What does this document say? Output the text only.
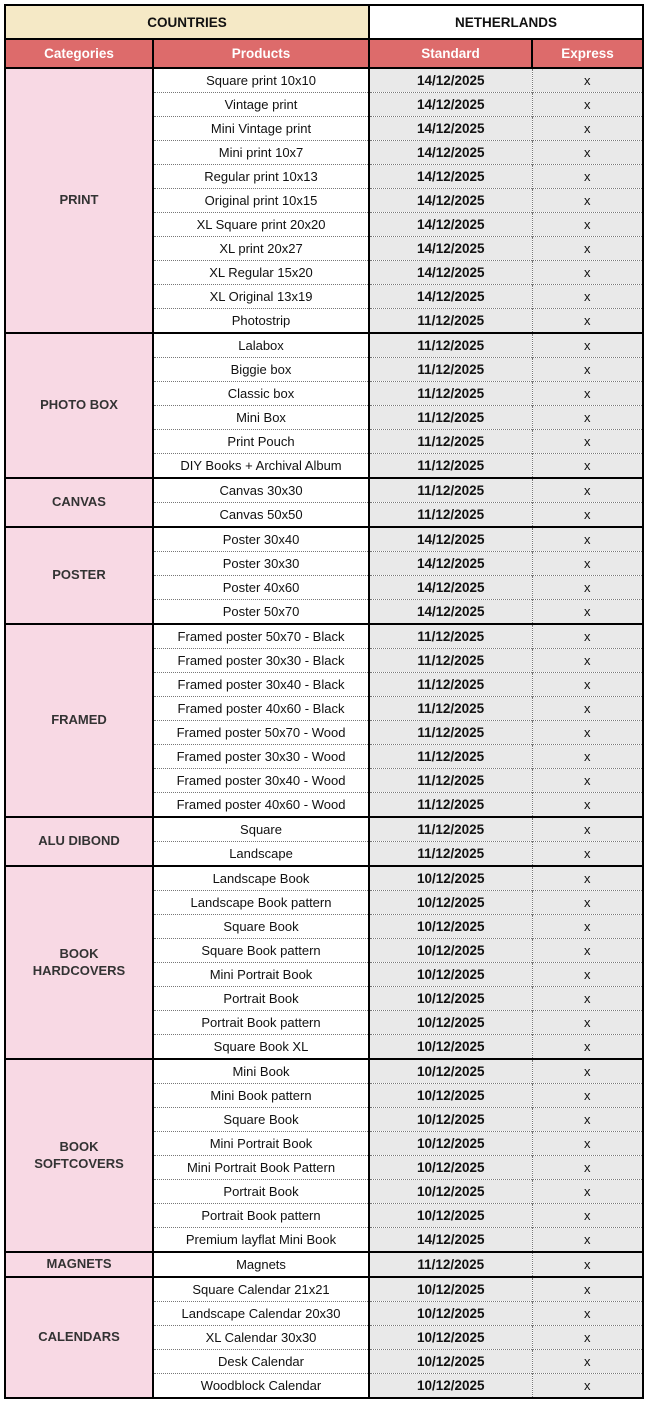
COUNTRIES		NETHERLANDS	
Categories	Products	Standard	Express
PRINT	Square print 10x10	14/12/2025	x
	Vintage print	14/12/2025	x
	Mini Vintage print	14/12/2025	x
	Mini print 10x7	14/12/2025	x
	Regular print 10x13	14/12/2025	x
	Original print 10x15	14/12/2025	x
	XL Square print 20x20	14/12/2025	x
	XL print 20x27	14/12/2025	x
	XL Regular 15x20	14/12/2025	x
	XL Original 13x19	14/12/2025	x
	Photostrip	11/12/2025	x
PHOTO BOX	Lalabox	11/12/2025	x
	Biggie box	11/12/2025	x
	Classic box	11/12/2025	x
	Mini Box	11/12/2025	x
	Print Pouch	11/12/2025	x
	DIY Books + Archival Album	11/12/2025	x
CANVAS	Canvas 30x30	11/12/2025	x
	Canvas 50x50	11/12/2025	x
POSTER	Poster 30x40	14/12/2025	x
	Poster 30x30	14/12/2025	x
	Poster 40x60	14/12/2025	x
	Poster 50x70	14/12/2025	x
FRAMED	Framed poster 50x70 - Black	11/12/2025	x
	Framed poster 30x30 - Black	11/12/2025	x
	Framed poster 30x40 - Black	11/12/2025	x
	Framed poster 40x60 - Black	11/12/2025	x
	Framed poster 50x70 - Wood	11/12/2025	x
	Framed poster 30x30 - Wood	11/12/2025	x
	Framed poster 30x40 - Wood	11/12/2025	x
	Framed poster 40x60 - Wood	11/12/2025	x
ALU DIBOND	Square	11/12/2025	x
	Landscape	11/12/2025	x
BOOK HARDCOVERS	Landscape Book	10/12/2025	x
	Landscape Book pattern	10/12/2025	x
	Square Book	10/12/2025	x
	Square Book pattern	10/12/2025	x
	Mini Portrait Book	10/12/2025	x
	Portrait Book	10/12/2025	x
	Portrait Book pattern	10/12/2025	x
	Square Book XL	10/12/2025	x
BOOK SOFTCOVERS	Mini Book	10/12/2025	x
	Mini Book pattern	10/12/2025	x
	Square Book	10/12/2025	x
	Mini Portrait Book	10/12/2025	x
	Mini Portrait Book Pattern	10/12/2025	x
	Portrait Book	10/12/2025	x
	Portrait Book pattern	10/12/2025	x
	Premium layflat Mini Book	14/12/2025	x
MAGNETS	Magnets	11/12/2025	x
CALENDARS	Square Calendar 21x21	10/12/2025	x
	Landscape Calendar 20x30	10/12/2025	x
	XL Calendar 30x30	10/12/2025	x
	Desk Calendar	10/12/2025	x
	Woodblock Calendar	10/12/2025	x
